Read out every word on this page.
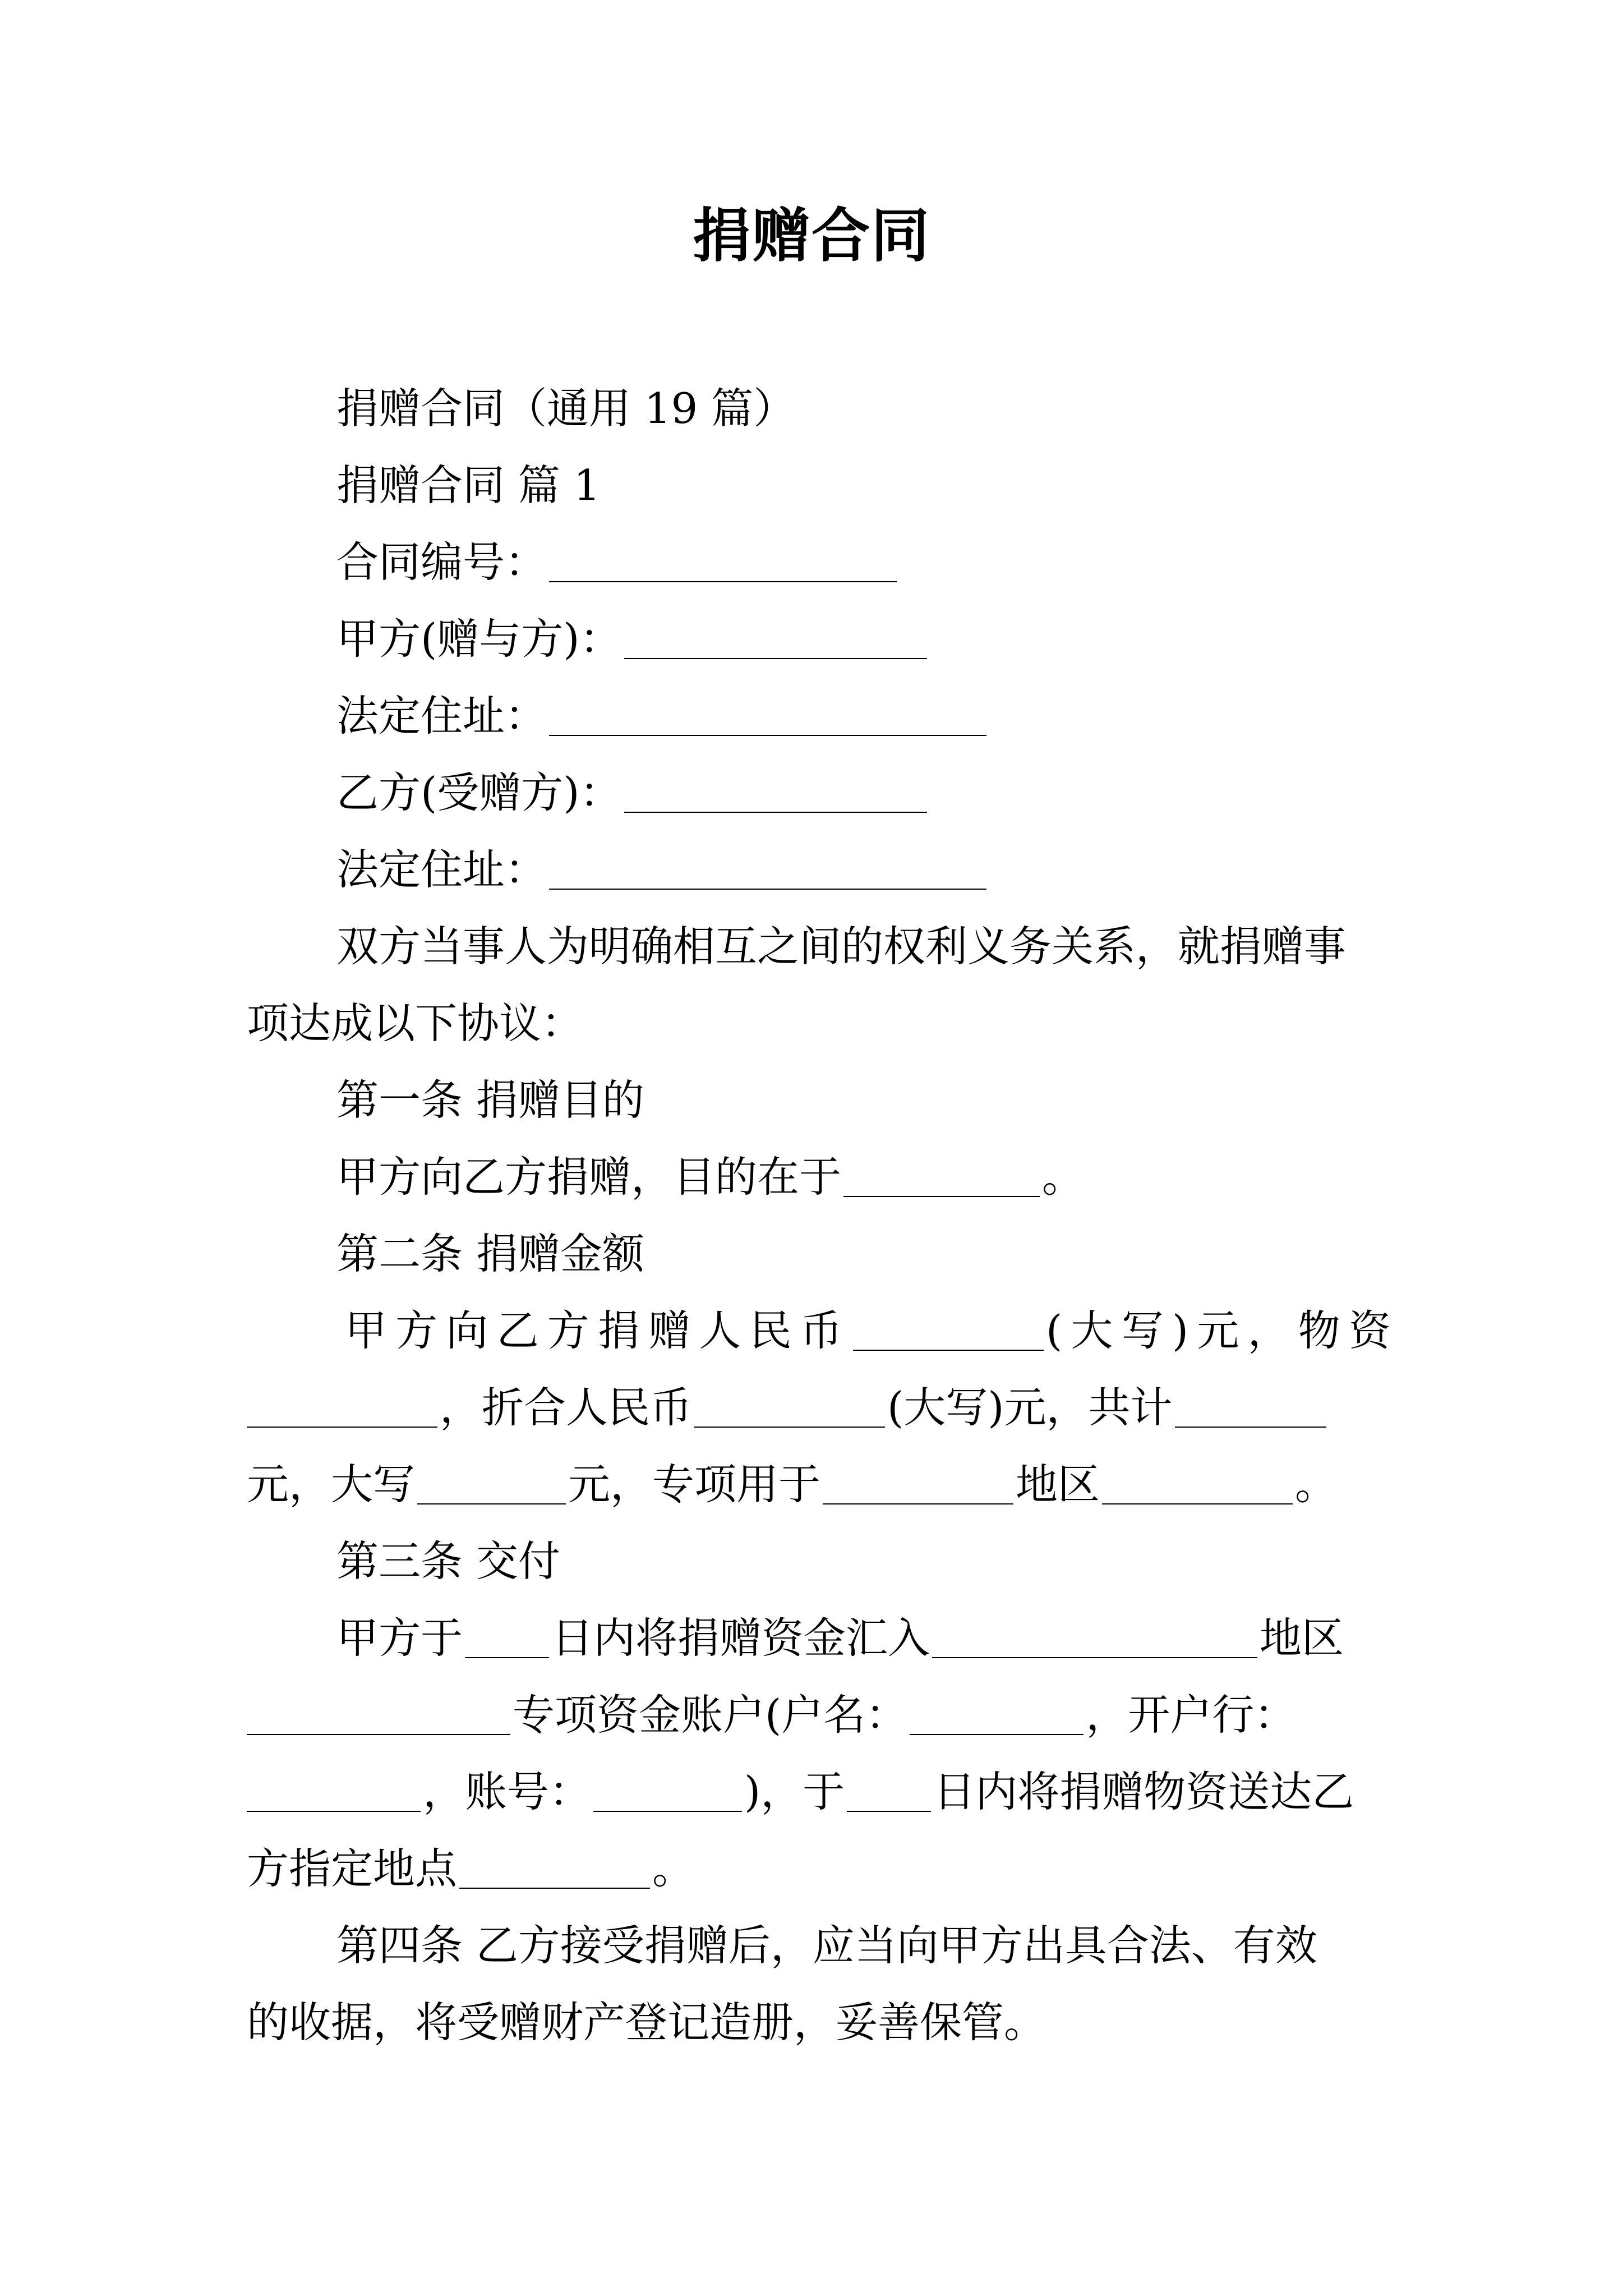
捐赠合同

捐赠合同（通用 19 篇）

捐赠合同 篇 1

合同编号：

甲方(赠与方)：

法定住址：

乙方(受赠方)：

法定住址：

双方当事人为明确相互之间的权利义务关系，就捐赠事

项达成以下协议：

第一条 捐赠目的

甲方向乙方捐赠，目的在于	。

第二条 捐赠金额

甲方向乙方捐赠人民币	(大写)元，物资

，折合人民币	(大写)元，共计

元，大写	元，专项用于	地区	。

第三条 交付

甲方于 日内将捐赠资金汇入	地区

专项资金账户(户名：	，开户行：

，账号：	)，于 日内将捐赠物资送达乙

方指定地点	。

第四条 乙方接受捐赠后，应当向甲方出具合法、有效

的收据，将受赠财产登记造册，妥善保管。
